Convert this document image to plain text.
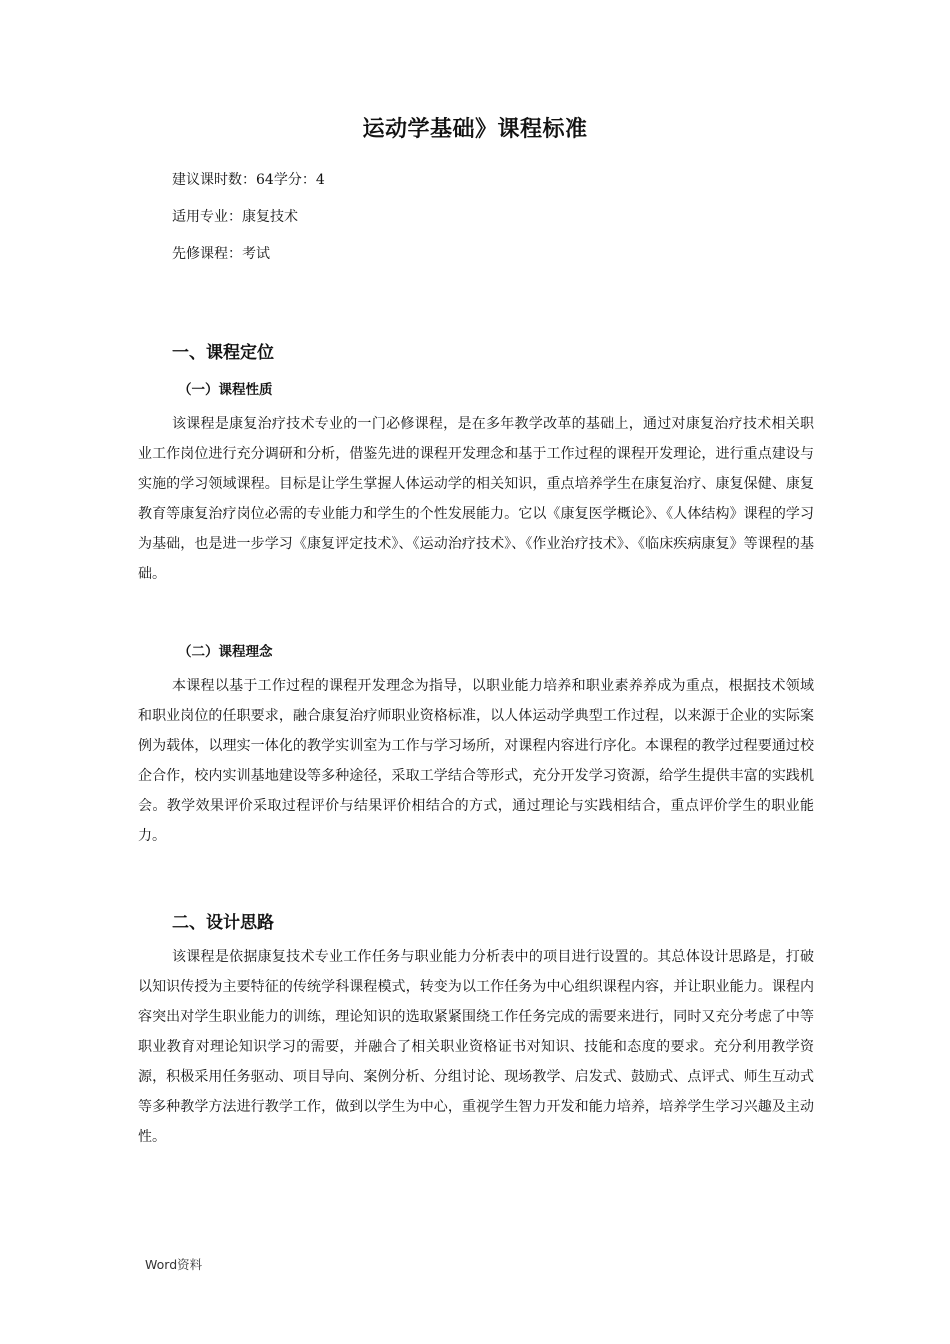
运动学基础》课程标准
建议课时数：64学分：4
适用专业：康复技术
先修课程：考试
一、课程定位
（一）课程性质

该课程是康复治疗技术专业的一门必修课程，是在多年教学改革的基础上，通过对康复治疗技术相关职业工作岗位进行充分调研和分析，借鉴先进的课程开发理念和基于工作过程的课程开发理论，进行重点建设与实施的学习领域课程。目标是让学生掌握人体运动学的相关知识，重点培养学生在康复治疗、康复保健、康复教育等康复治疗岗位必需的专业能力和学生的个性发展能力。它以《康复医学概论》、《人体结构》课程的学习为基础，也是进一步学习《康复评定技术》、《运动治疗技术》、《作业治疗技术》、《临床疾病康复》等课程的基础。

（二）课程理念

本课程以基于工作过程的课程开发理念为指导，以职业能力培养和职业素养养成为重点，根据技术领域和职业岗位的任职要求，融合康复治疗师职业资格标准，以人体运动学典型工作过程，以来源于企业的实际案例为载体，以理实一体化的教学实训室为工作与学习场所，对课程内容进行序化。本课程的教学过程要通过校企合作，校内实训基地建设等多种途径，采取工学结合等形式，充分开发学习资源，给学生提供丰富的实践机会。教学效果评价采取过程评价与结果评价相结合的方式，通过理论与实践相结合，重点评价学生的职业能力。

二、设计思路

该课程是依据康复技术专业工作任务与职业能力分析表中的项目进行设置的。其总体设计思路是，打破以知识传授为主要特征的传统学科课程模式，转变为以工作任务为中心组织课程内容，并让职业能力。课程内容突出对学生职业能力的训练，理论知识的选取紧紧围绕工作任务完成的需要来进行，同时又充分考虑了中等职业教育对理论知识学习的需要，并融合了相关职业资格证书对知识、技能和态度的要求。充分利用教学资源，积极采用任务驱动、项目导向、案例分析、分组讨论、现场教学、启发式、鼓励式、点评式、师生互动式等多种教学方法进行教学工作，做到以学生为中心，重视学生智力开发和能力培养，培养学生学习兴趣及主动性。

Word资料
